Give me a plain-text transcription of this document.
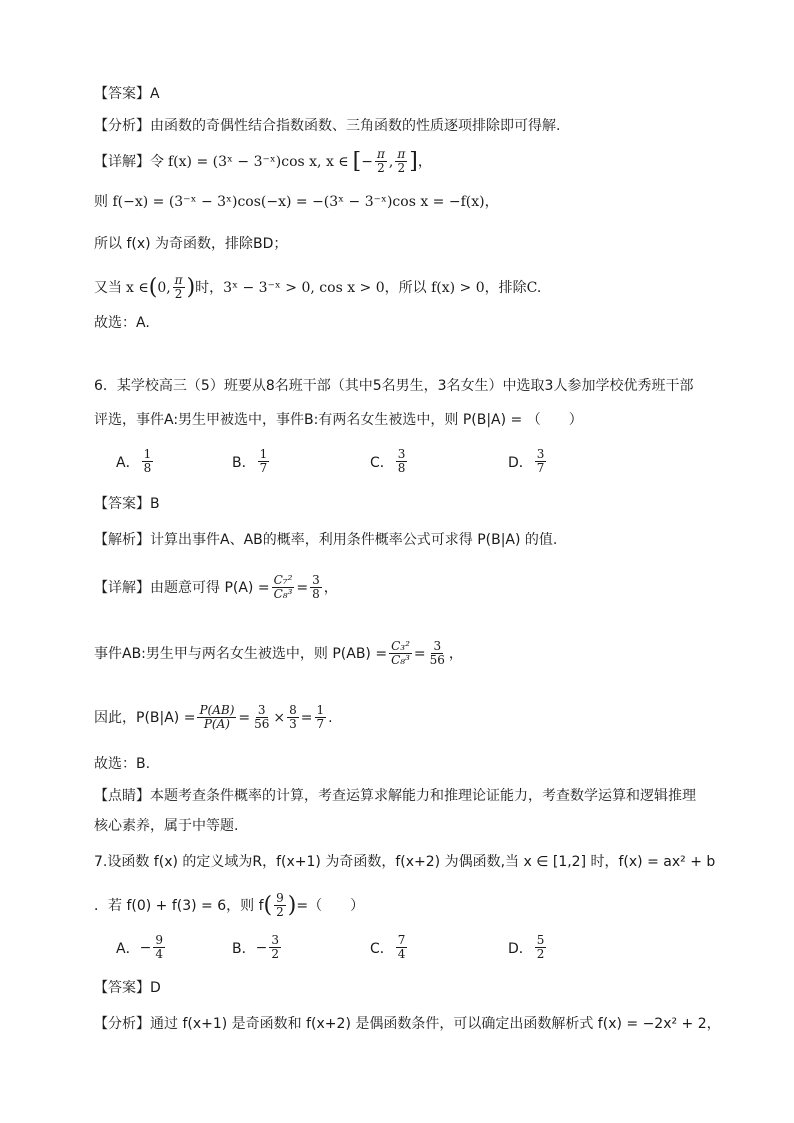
【答案】A
【分析】由函数的奇偶性结合指数函数、三角函数的性质逐项排除即可得解.
【详解】 令 f(x) = (3ˣ − 3⁻ˣ)cos x, x ∈ [ − $\frac{\pi}{2}$ , $\frac{\pi}{2}$ ] ，
则 f(−x) = (3⁻ˣ − 3ˣ)cos(−x) = −(3ˣ − 3⁻ˣ)cos x = −f(x)，
所以 f(x) 为奇函数，排除BD；
又当 x ∈ ( 0, $\frac{\pi}{2}$ ) 时，3ˣ − 3⁻ˣ > 0, cos x > 0，所以 f(x) > 0，排除C.
故选：A.
6．某学校高三（5）班要从8名班干部（其中5名男生，3名女生）中选取3人参加学校优秀班干部
评选，事件A:男生甲被选中，事件B:有两名女生被选中，则 P(B|A) = （　　）
A． $\frac{1}{8}$	B． $\frac{1}{7}$	C． $\frac{3}{8}$	D． $\frac{3}{7}$
【答案】B
【解析】计算出事件A、AB的概率，利用条件概率公式可求得 P(B|A) 的值.
【详解】 由题意可得 $P(A) = \frac{\text{C₇²}}{\text{C₈³}} = \frac{3}{8}$ ，
事件AB:男生甲与两名女生被选中，则 $P(AB) = \frac{\text{C₃²}}{\text{C₈³}} = \frac{3}{56}$ ，
因此，$P(B|A) = \frac{P(AB)}{P(A)} = \frac{3}{56} \times \frac{8}{3} = \frac{1}{7}$ .
故选：B.
【点睛】本题考查条件概率的计算，考查运算求解能力和推理论证能力，考查数学运算和逻辑推理
核心素养，属于中等题.
7.设函数 f(x) 的定义域为R，f(x+1) 为奇函数，f(x+2) 为偶函数,当 x ∈ [1,2] 时，f(x) = ax² + b
．若 f(0) + f(3) = 6，则 f ( $\frac{9}{2}$ ) =（　　）
A． − $\frac{9}{4}$	B． − $\frac{3}{2}$	C． $\frac{7}{4}$	D． $\frac{5}{2}$
【答案】D
【分析】通过 f(x+1) 是奇函数和 f(x+2) 是偶函数条件，可以确定出函数解析式 f(x) = −2x² + 2，
